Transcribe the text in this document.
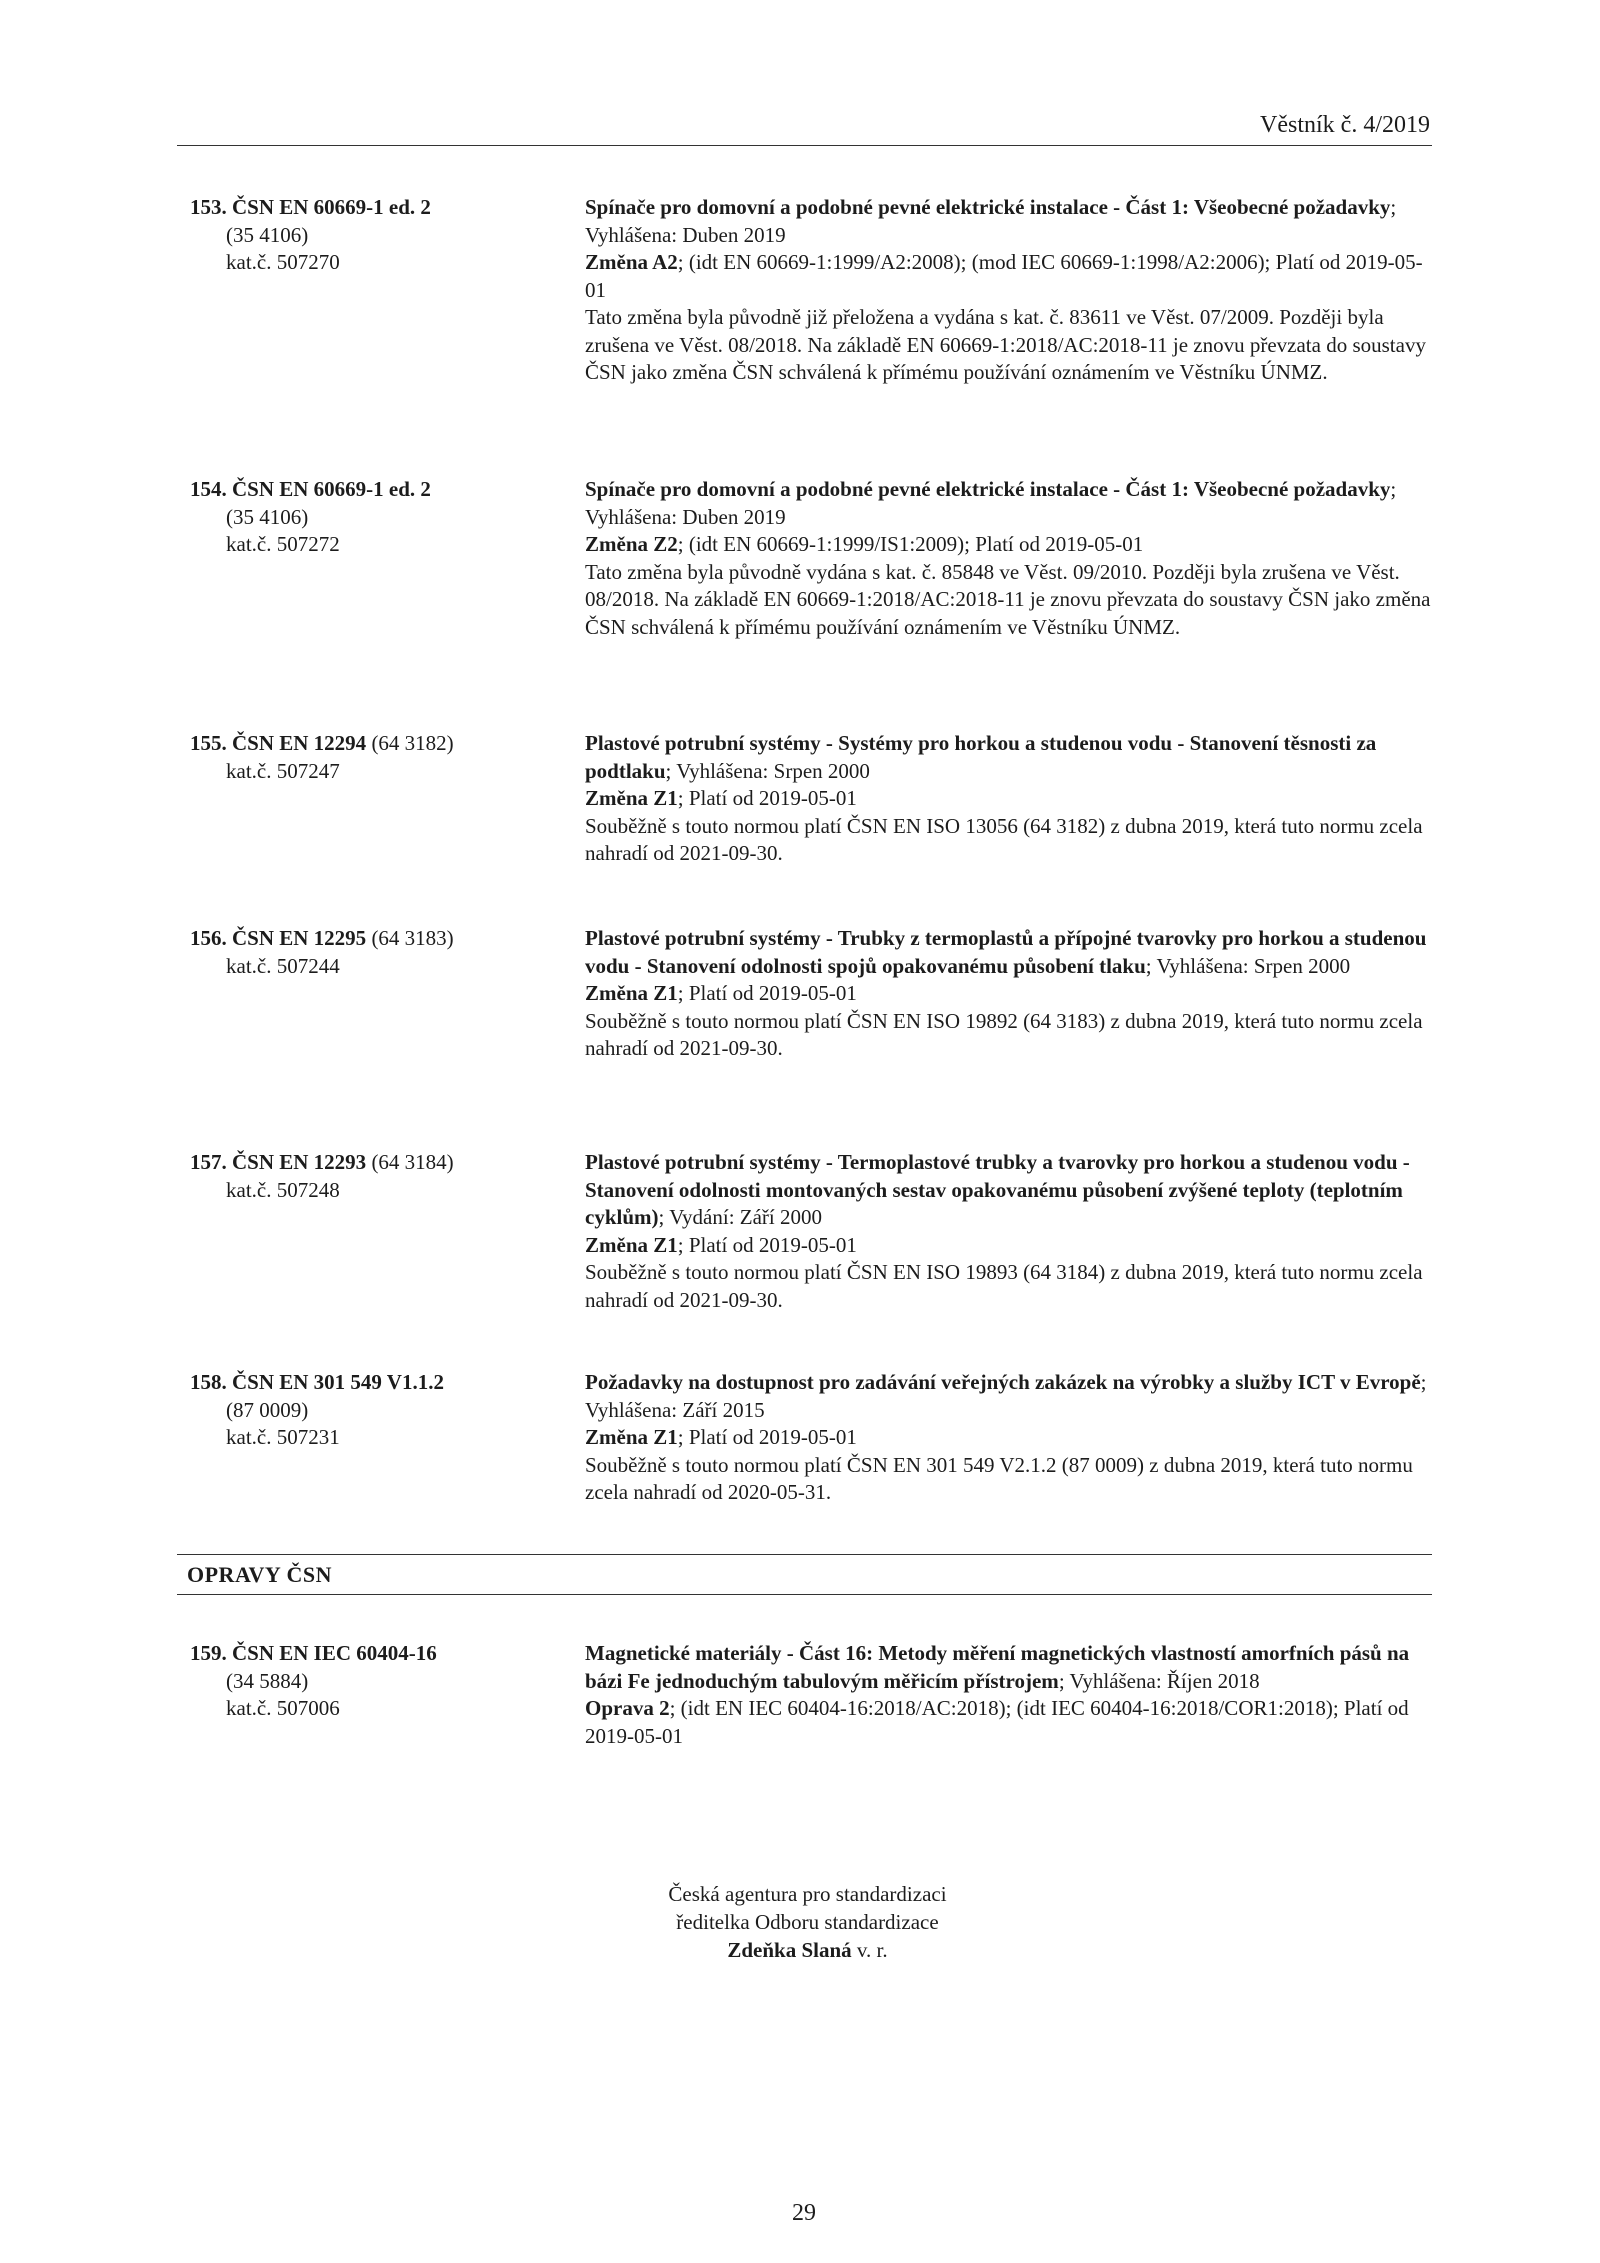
Věstník č. 4/2019
153. ČSN EN 60669-1 ed. 2
(35 4106)
kat.č. 507270
Spínače pro domovní a podobné pevné elektrické instalace - Část 1: Všeobecné požadavky; Vyhlášena: Duben 2019
Změna A2; (idt EN 60669-1:1999/A2:2008); (mod IEC 60669-1:1998/A2:2006); Platí od 2019-05-01
Tato změna byla původně již přeložena a vydána s kat. č. 83611 ve Věst. 07/2009. Později byla zrušena ve Věst. 08/2018. Na základě EN 60669-1:2018/AC:2018-11 je znovu převzata do soustavy ČSN jako změna ČSN schválená k přímému používání oznámením ve Věstníku ÚNMZ.
154. ČSN EN 60669-1 ed. 2
(35 4106)
kat.č. 507272
Spínače pro domovní a podobné pevné elektrické instalace - Část 1: Všeobecné požadavky; Vyhlášena: Duben 2019
Změna Z2; (idt EN 60669-1:1999/IS1:2009); Platí od 2019-05-01
Tato změna byla původně vydána s kat. č. 85848 ve Věst. 09/2010. Později byla zrušena ve Věst. 08/2018. Na základě EN 60669-1:2018/AC:2018-11 je znovu převzata do soustavy ČSN jako změna ČSN schválená k přímému používání oznámením ve Věstníku ÚNMZ.
155. ČSN EN 12294 (64 3182)
kat.č. 507247
Plastové potrubní systémy - Systémy pro horkou a studenou vodu - Stanovení těsnosti za podtlaku; Vyhlášena: Srpen 2000
Změna Z1; Platí od 2019-05-01
Souběžně s touto normou platí ČSN EN ISO 13056 (64 3182) z dubna 2019, která tuto normu zcela nahradí od 2021-09-30.
156. ČSN EN 12295 (64 3183)
kat.č. 507244
Plastové potrubní systémy - Trubky z termoplastů a přípojné tvarovky pro horkou a studenou vodu - Stanovení odolnosti spojů opakovanému působení tlaku; Vyhlášena: Srpen 2000
Změna Z1; Platí od 2019-05-01
Souběžně s touto normou platí ČSN EN ISO 19892 (64 3183) z dubna 2019, která tuto normu zcela nahradí od 2021-09-30.
157. ČSN EN 12293 (64 3184)
kat.č. 507248
Plastové potrubní systémy - Termoplastové trubky a tvarovky pro horkou a studenou vodu - Stanovení odolnosti montovaných sestav opakovanému působení zvýšené teploty (teplotním cyklům); Vydání: Září 2000
Změna Z1; Platí od 2019-05-01
Souběžně s touto normou platí ČSN EN ISO 19893 (64 3184) z dubna 2019, která tuto normu zcela nahradí od 2021-09-30.
158. ČSN EN 301 549 V1.1.2
(87 0009)
kat.č. 507231
Požadavky na dostupnost pro zadávání veřejných zakázek na výrobky a služby ICT v Evropě; Vyhlášena: Září 2015
Změna Z1; Platí od 2019-05-01
Souběžně s touto normou platí ČSN EN 301 549 V2.1.2 (87 0009) z dubna 2019, která tuto normu zcela nahradí od 2020-05-31.
OPRAVY ČSN
159. ČSN EN IEC 60404-16
(34 5884)
kat.č. 507006
Magnetické materiály - Část 16: Metody měření magnetických vlastností amorfních pásů na bázi Fe jednoduchým tabulovým měřicím přístrojem; Vyhlášena: Říjen 2018
Oprava 2; (idt EN IEC 60404-16:2018/AC:2018); (idt IEC 60404-16:2018/COR1:2018); Platí od 2019-05-01
Česká agentura pro standardizaci
ředitelka Odboru standardizace
Zdeňka Slaná v. r.
29
